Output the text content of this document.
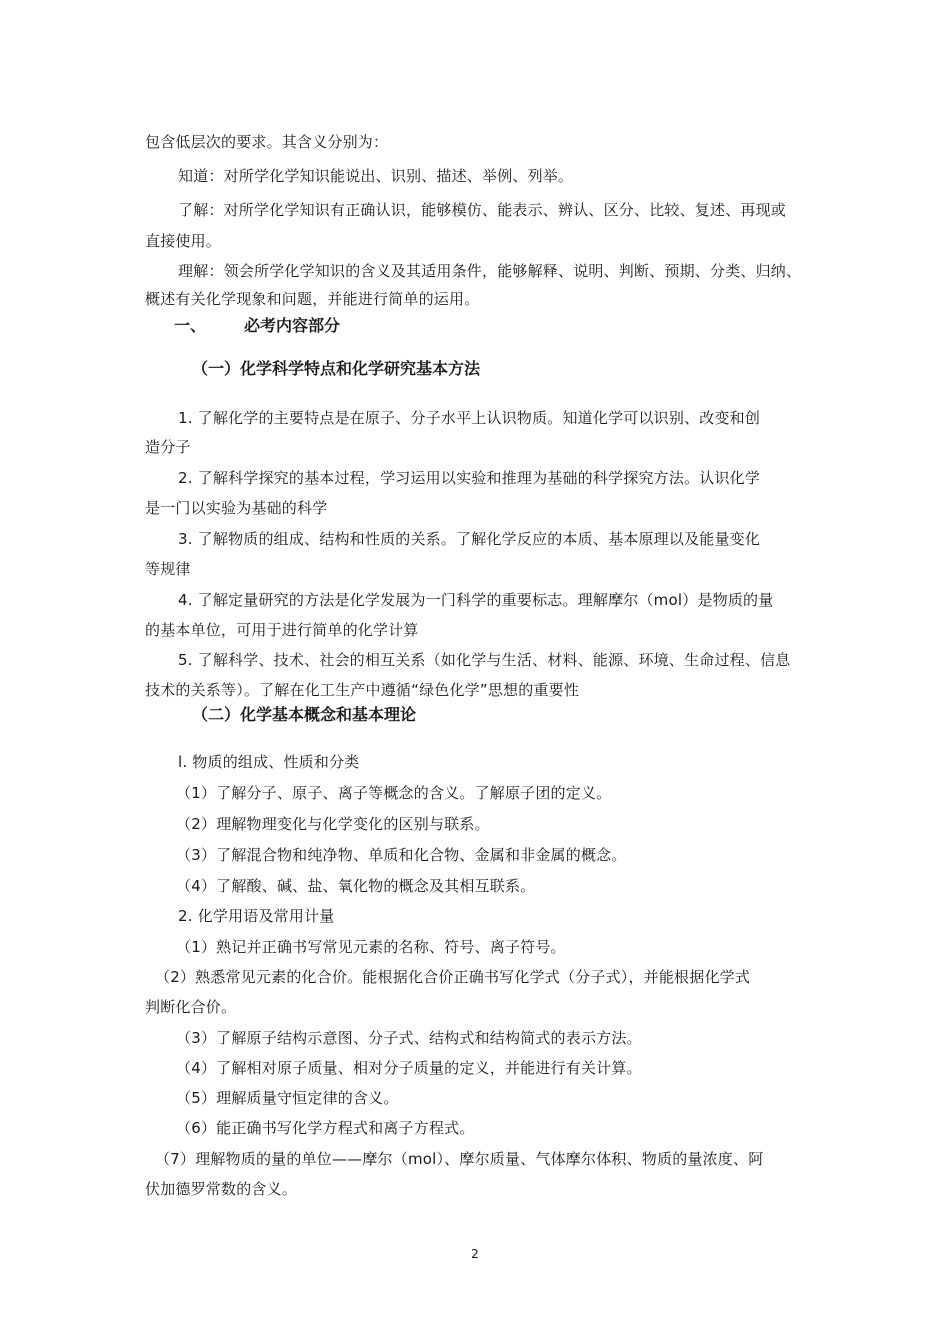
包含低层次的要求。其含义分别为：
知道：对所学化学知识能说出、识别、描述、举例、列举。
了解：对所学化学知识有正确认识，能够模仿、能表示、辨认、区分、比较、复述、再现或
直接使用。
理解：领会所学化学知识的含义及其适用条件，能够解释、说明、判断、预期、分类、归纳、
概述有关化学现象和问题，并能进行简单的运用。
一、 必考内容部分
（一）化学科学特点和化学研究基本方法
1. 了解化学的主要特点是在原子、分子水平上认识物质。知道化学可以识别、改变和创
造分子
2. 了解科学探究的基本过程，学习运用以实验和推理为基础的科学探究方法。认识化学
是一门以实验为基础的科学
3. 了解物质的组成、结构和性质的关系。了解化学反应的本质、基本原理以及能量变化
等规律
4. 了解定量研究的方法是化学发展为一门科学的重要标志。理解摩尔（mol）是物质的量
的基本单位，可用于进行简单的化学计算
5. 了解科学、技术、社会的相互关系（如化学与生活、材料、能源、环境、生命过程、信息
技术的关系等）。了解在化工生产中遵循“绿色化学”思想的重要性
（二）化学基本概念和基本理论
l. 物质的组成、性质和分类
（1）了解分子、原子、离子等概念的含义。了解原子团的定义。
（2）理解物理变化与化学变化的区别与联系。
（3）了解混合物和纯净物、单质和化合物、金属和非金属的概念。
（4）了解酸、碱、盐、氧化物的概念及其相互联系。
2. 化学用语及常用计量
（1）熟记并正确书写常见元素的名称、符号、离子符号。
（2）熟悉常见元素的化合价。能根据化合价正确书写化学式（分子式），并能根据化学式
判断化合价。
（3）了解原子结构示意图、分子式、结构式和结构简式的表示方法。
（4）了解相对原子质量、相对分子质量的定义，并能进行有关计算。
（5）理解质量守恒定律的含义。
（6）能正确书写化学方程式和离子方程式。
（7）理解物质的量的单位——摩尔（mol）、摩尔质量、气体摩尔体积、物质的量浓度、阿
伏加德罗常数的含义。
2
